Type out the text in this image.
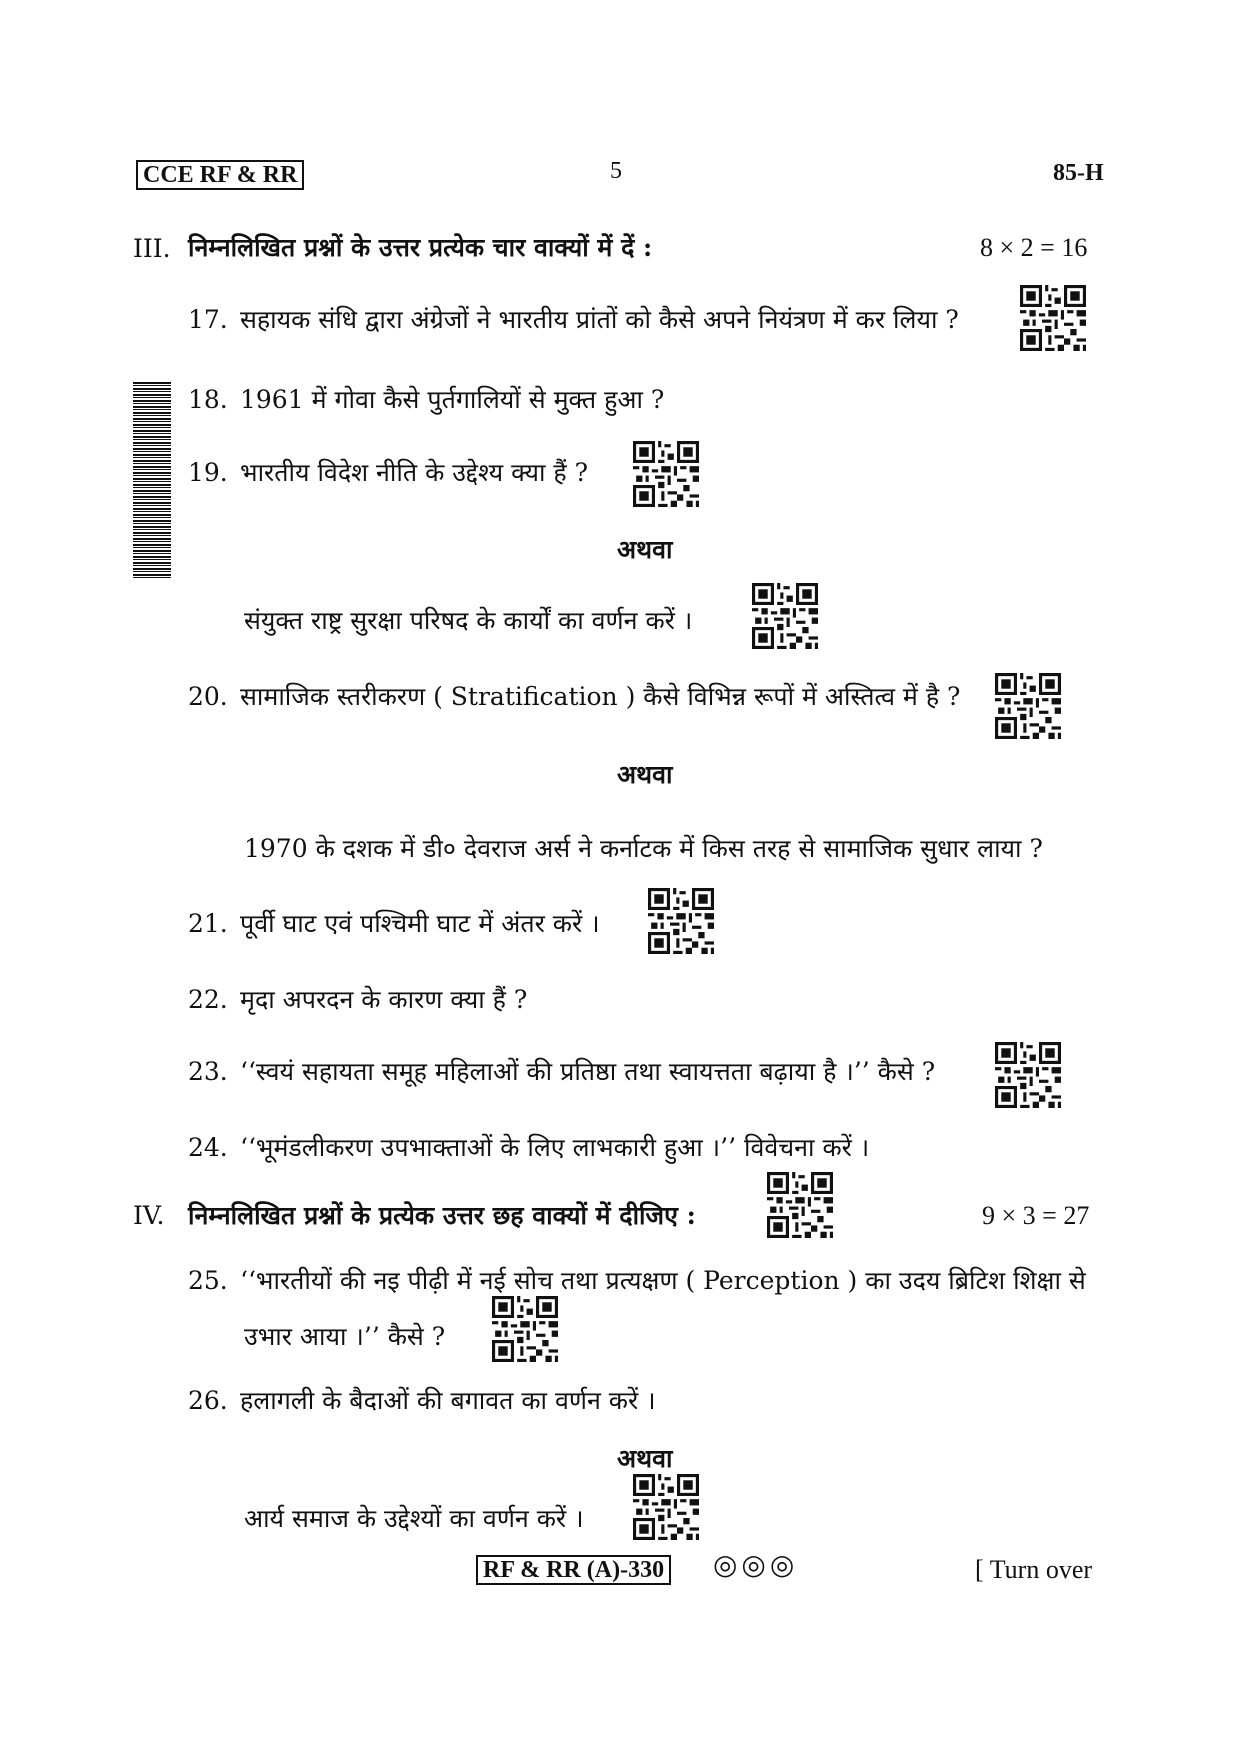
CCE RF & RR	5	85-H
III. निम्नलिखित प्रश्नों के उत्तर प्रत्येक चार वाक्यों में दें :	8 × 2 = 16
17. सहायक संधि द्वारा अंग्रेजों ने भारतीय प्रांतों को कैसे अपने नियंत्रण में कर लिया ?
18. 1961 में गोवा कैसे पुर्तगालियों से मुक्त हुआ ?
19. भारतीय विदेश नीति के उद्देश्य क्या हैं ?
अथवा
संयुक्त राष्ट्र सुरक्षा परिषद के कार्यों का वर्णन करें ।
20. सामाजिक स्तरीकरण ( Stratification ) कैसे विभिन्न रूपों में अस्तित्व में है ?
अथवा
1970 के दशक में डी० देवराज अर्स ने कर्नाटक में किस तरह से सामाजिक सुधार लाया ?
21. पूर्वी घाट एवं पश्चिमी घाट में अंतर करें ।
22. मृदा अपरदन के कारण क्या हैं ?
23. ‘‘स्वयं सहायता समूह महिलाओं की प्रतिष्ठा तथा स्वायत्तता बढ़ाया है ।’’ कैसे ?
24. ‘‘भूमंडलीकरण उपभाक्ताओं के लिए लाभकारी हुआ ।’’ विवेचना करें ।
IV. निम्नलिखित प्रश्नों के प्रत्येक उत्तर छह वाक्यों में दीजिए :	9 × 3 = 27
25. ‘‘भारतीयों की नइ पीढ़ी में नई सोच तथा प्रत्यक्षण ( Perception ) का उदय ब्रिटिश शिक्षा से
उभार आया ।’’ कैसे ?
26. हलागली के बैदाओं की बगावत का वर्णन करें ।
अथवा
आर्य समाज के उद्देश्यों का वर्णन करें ।
RF & RR (A)-330 ◎◎◎	[ Turn over
